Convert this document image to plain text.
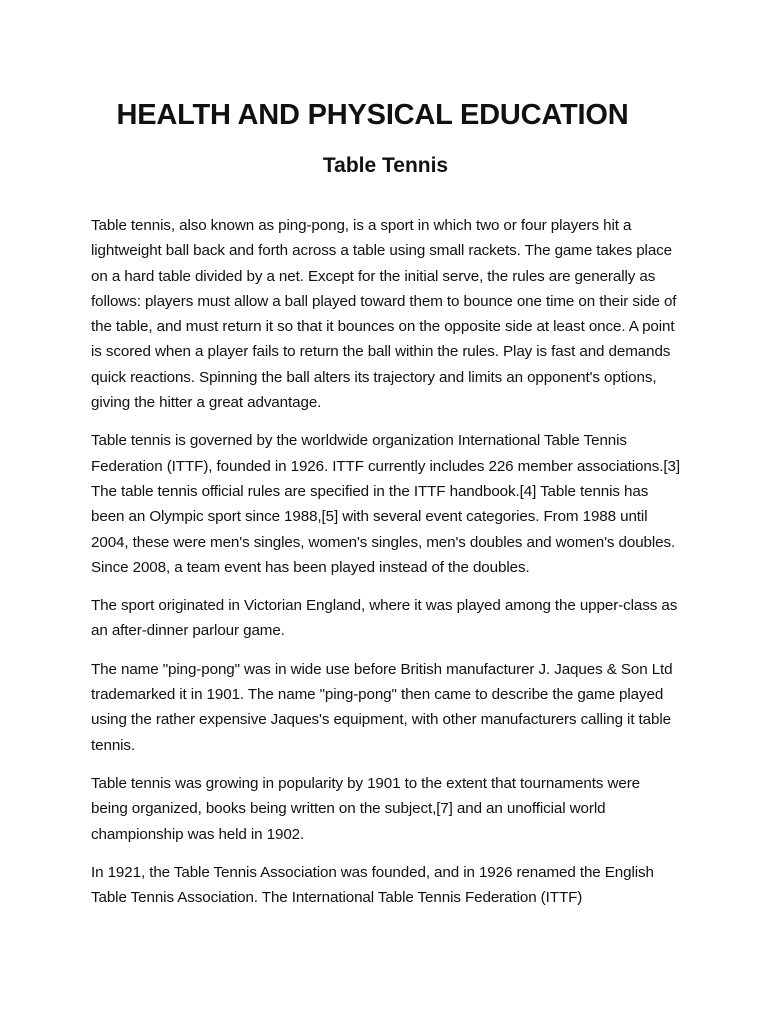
HEALTH AND PHYSICAL EDUCATIONTable Tennis

Table tennis, also known as ping-pong, is a sport in which two or four players hit a lightweight ball back and forth across a table using small rackets. The game takes place on a hard table divided by a net. Except for the initial serve, the rules are generally as follows: players must allow a ball played toward them to bounce one time on their side of the table, and must return it so that it bounces on the opposite side at least once. A point is scored when a player fails to return the ball within the rules. Play is fast and demands quick reactions. Spinning the ball alters its trajectory and limits an opponent's options, giving the hitter a great advantage.

Table tennis is governed by the worldwide organization International Table Tennis Federation (ITTF), founded in 1926. ITTF currently includes 226 member associations.[3] The table tennis official rules are specified in the ITTF handbook.[4] Table tennis has been an Olympic sport since 1988,[5] with several event categories. From 1988 until 2004, these were men's singles, women's singles, men's doubles and women's doubles. Since 2008, a team event has been played instead of the doubles.

The sport originated in Victorian England, where it was played among the upper-class as an after-dinner parlour game.

The name "ping-pong" was in wide use before British manufacturer J. Jaques & Son Ltd trademarked it in 1901. The name "ping-pong" then came to describe the game played using the rather expensive Jaques's equipment, with other manufacturers calling it table tennis.

Table tennis was growing in popularity by 1901 to the extent that tournaments were being organized, books being written on the subject,[7] and an unofficial world championship was held in 1902.

In 1921, the Table Tennis Association was founded, and in 1926 renamed the English Table Tennis Association. The International Table Tennis Federation (ITTF)
